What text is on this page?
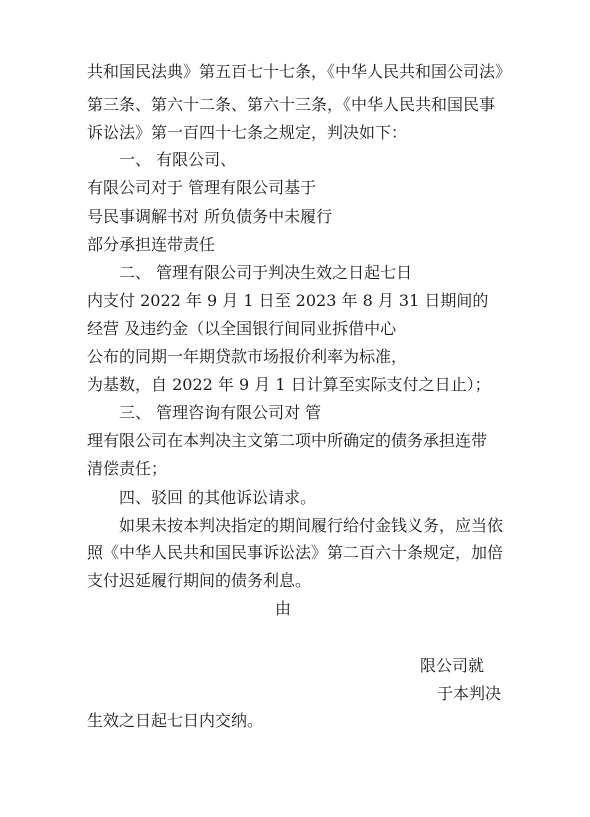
共和国民法典》第五百七十七条，《中华人民共和国公司法》
第三条、第六十二条、第六十三条，《中华人民共和国民事
诉讼法》第一百四十七条之规定，判决如下：
一、 有限公司、
有限公司对于 管理有限公司基于
号民事调解书对 所负债务中未履行
部分承担连带责任
二、 管理有限公司于判决生效之日起七日
内支付 2022 年 9 月 1 日至 2023 年 8 月 31 日期间的
经营 及违约金（以全国银行间同业拆借中心
公布的同期一年期贷款市场报价利率为标准，
为基数，自 2022 年 9 月 1 日计算至实际支付之日止）；
三、 管理咨询有限公司对 管
理有限公司在本判决主文第二项中所确定的债务承担连带
清偿责任；
四、驳回 的其他诉讼请求。
如果未按本判决指定的期间履行给付金钱义务，应当依
照《中华人民共和国民事诉讼法》第二百六十条规定，加倍
支付迟延履行期间的债务利息。
由
限公司就
于本判决
生效之日起七日内交纳。
